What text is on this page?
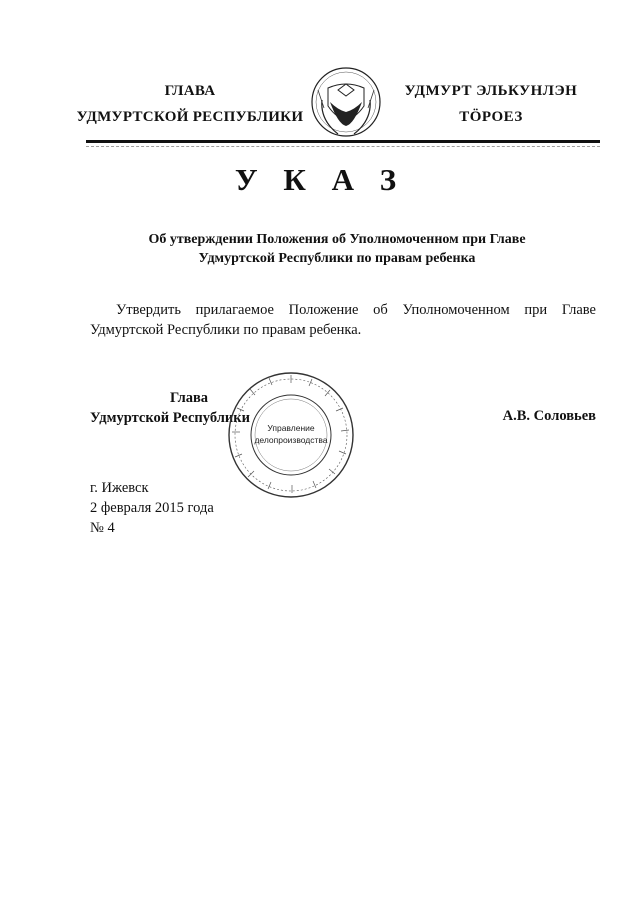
ГЛАВА
УДМУРТСКОЙ РЕСПУБЛИКИ
УДМУРТ ЭЛЬКУНЛЭН
ТӦРОЕЗ
У К А З
Об утверждении Положения об Уполномоченном при Главе
Удмуртской Республики по правам ребенка
Утвердить прилагаемое Положение об Уполномоченном при Главе Удмуртской Республики по правам ребенка.
Глава
Удмуртской Республики
Управление
делопроизводства
А.В. Соловьев
г. Ижевск
2 февраля 2015 года
№ 4
